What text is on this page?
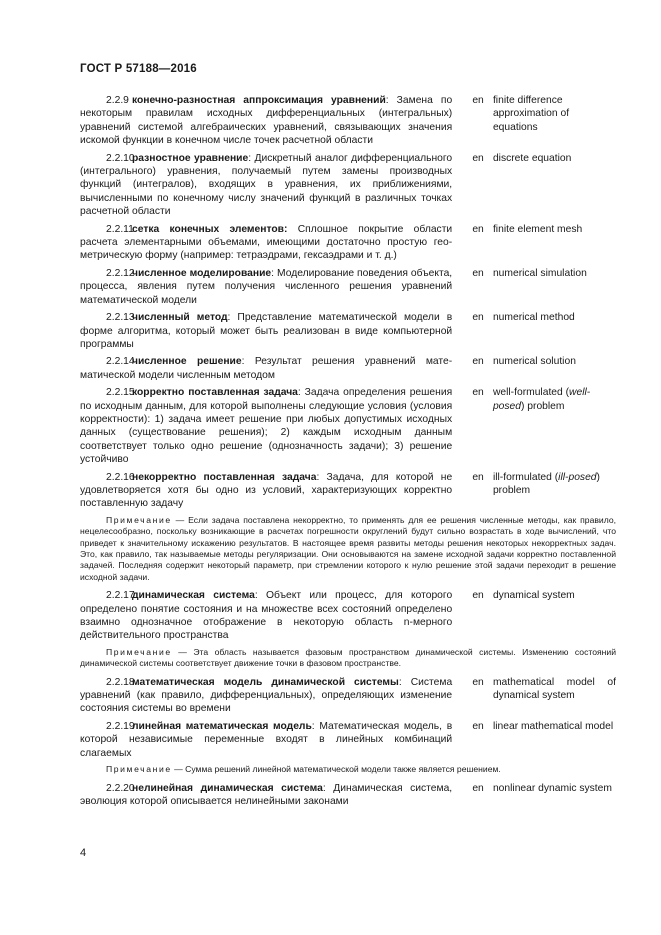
ГОСТ Р 57188—2016
2.2.9 конечно-разностная аппроксимация уравнений: Замена по некоторым правилам исходных дифференциальных (интегральных) уравнений системой алгебраических уравнений, связывающих значения искомой функции в конечном числе точек расчетной области
en finite difference approximation of equations
2.2.10разностное уравнение: Дискретный аналог дифференциального (интегрального) уравнения, получаемый путем замены производных функций (интегралов), входящих в уравнения, их приближениями, вычисленными по конечному числу значений функций в различных точках расчетной области
en discrete equation
2.2.11сетка конечных элементов: Сплошное покрытие области расчета элементарными объемами, имеющими достаточно простую геометрическую форму (например: тетраэдрами, гексаэдрами и т. д.)
en finite element mesh
2.2.12численное моделирование: Моделирование поведения объекта, процесса, явления путем получения численного решения уравнений математической модели
en numerical simulation
2.2.13численный метод: Представление математической модели в форме алгоритма, который может быть реализован в виде компьютерной программы
en numerical method
2.2.14численное решение: Результат решения уравнений математической модели численным методом
en numerical solution
2.2.15корректно поставленная задача: Задача определения решения по исходным данным, для которой выполнены следующие условия (условия корректности): 1) задача имеет решение при любых допустимых исходных данных (существование решения); 2) каждым исходным данным соответствует только одно решение (однозначность задачи); 3) решение устойчиво
en well-formulated (well-posed) problem
2.2.16некорректно поставленная задача: Задача, для которой не удовлетворяется хотя бы одно из условий, характеризующих корректно поставленную задачу
en ill-formulated (ill-posed) problem
Примечание — Если задача поставлена некорректно, то применять для ее решения численные методы, как правило, нецелесообразно, поскольку возникающие в расчетах погрешности округлений будут сильно возрастать в ходе вычислений, что приведет к значительному искажению результатов. В настоящее время развиты методы решения некоторых некорректных задач. Это, как правило, так называемые методы регуляризации. Они основываются на замене исходной задачи корректно поставленной задачей. Последняя содержит некоторый параметр, при стремлении которого к нулю решение этой задачи переходит в решение исходной задачи.
2.2.17динамическая система: Объект или процесс, для которого определено понятие состояния и на множестве всех состояний определено взаимно однозначное отображение в некоторую область n-мерного действительного пространства
en dynamical system
Примечание — Эта область называется фазовым пространством динамической системы. Изменению состояний динамической системы соответствует движение точки в фазовом пространстве.
2.2.18математическая модель динамической системы: Система уравнений (как правило, дифференциальных), определяющих изменение состояния системы во времени
en mathematical model of
dynamical system
2.2.19линейная математическая модель: Математическая модель, в которой независимые переменные входят в линейных комбинаций слагаемых
en linear mathematical model
Примечание — Сумма решений линейной математической модели также является решением.
2.2.20нелинейная динамическая система: Динамическая система, эволюция которой описывается нелинейными законами
en nonlinear dynamic system
4
